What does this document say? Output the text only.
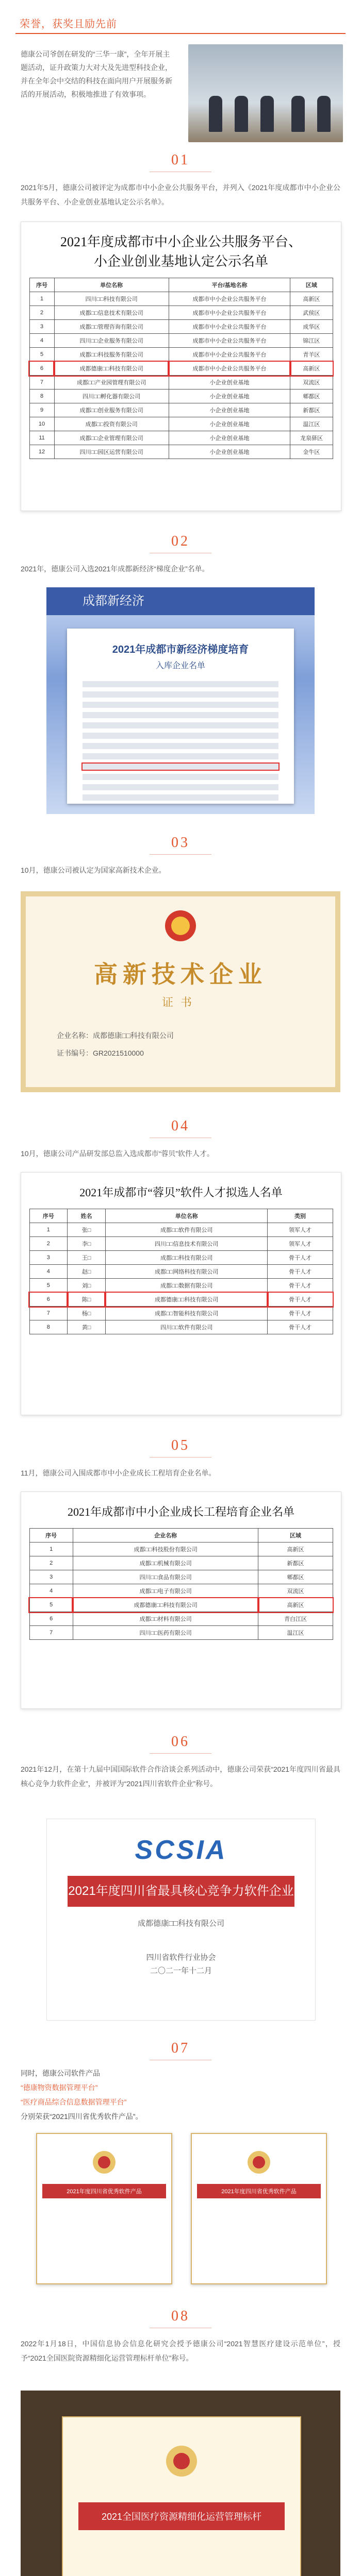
荣誉，获奖且励先前
德康公司爷创在研发的“三华一康”，全年开展主题活动，证升政策力大对大及先进型科技企业，并在全年会中交结的科技在面向用户开展服务新活的开展活动，积极地推进了有效事项。
01
2021年5月，德康公司被评定为成都市中小企业公共服务平台，并列入《2021年度成都市中小企业公共服务平台、小企业创业基地认定公示名单》。
2021年度成都市中小企业公共服务平台、
小企业创业基地认定公示名单
序号	单位名称	平台/基地名称	区域
1	四川□□科技有限公司	成都市中小企业公共服务平台	高新区
2	成都□□信息技术有限公司	成都市中小企业公共服务平台	武侯区
3	成都□□管理咨询有限公司	成都市中小企业公共服务平台	成华区
4	四川□□企业服务有限公司	成都市中小企业公共服务平台	锦江区
5	成都□□科技服务有限公司	成都市中小企业公共服务平台	青羊区
6	成都德康□□科技有限公司	成都市中小企业公共服务平台	高新区
7	成都□□产业园管理有限公司	小企业创业基地	双流区
8	四川□□孵化器有限公司	小企业创业基地	郫都区
9	成都□□创业服务有限公司	小企业创业基地	新都区
10	成都□□投资有限公司	小企业创业基地	温江区
11	成都□□企业管理有限公司	小企业创业基地	龙泉驿区
12	四川□□园区运营有限公司	小企业创业基地	金牛区
02
2021年，德康公司入选2021年成都新经济“梯度企业”名单。
成都新经济
2021年成都市新经济梯度培育
入库企业名单
03
10月，德康公司被认定为国家高新技术企业。
高新技术企业
证书
企业名称：成都德康□□科技有限公司
证书编号：GR2021510000
04
10月，德康公司产品研发部总监入选成都市“蓉贝”软件人才。
2021年成都市“蓉贝”软件人才拟选人名单
序号	姓名	单位名称	类别
1	张□	成都□□软件有限公司	领军人才
2	李□	四川□□信息技术有限公司	领军人才
3	王□	成都□□科技有限公司	骨干人才
4	赵□	成都□□网络科技有限公司	骨干人才
5	刘□	成都□□数据有限公司	骨干人才
6	陈□	成都德康□□科技有限公司	骨干人才
7	杨□	成都□□智能科技有限公司	骨干人才
8	黄□	四川□□软件有限公司	骨干人才
05
11月，德康公司入围成都市中小企业成长工程培育企业名单。
2021年成都市中小企业成长工程培育企业名单
序号	企业名称	区域
1	成都□□科技股份有限公司	高新区
2	成都□□机械有限公司	新都区
3	四川□□食品有限公司	郫都区
4	成都□□电子有限公司	双流区
5	成都德康□□科技有限公司	高新区
6	成都□□材料有限公司	青白江区
7	四川□□医药有限公司	温江区
06
2021年12月，在第十九届中国国际软件合作洽谈会系列活动中，德康公司荣获“2021年度四川省最具核心竞争力软件企业”，并被评为“2021四川省软件企业”称号。
SCSIA
2021年度四川省最具核心竞争力软件企业
成都德康□□科技有限公司
四川省软件行业协会
二〇二一年十二月
07
同时，德康公司软件产品
“德康物资数据管理平台”
“医疗商品综合信息数据管理平台”
分别荣获“2021四川省优秀软件产品”。
2021年度四川省优秀软件产品	2021年度四川省优秀软件产品
08
2022年1月18日，中国信息协会信息化研究会授予德康公司“2021智慧医疗建设示范单位”，授予“2021全国医院资源精细化运营管理标杆单位”称号。
2021全国医疗资源精细化运营管理标杆
